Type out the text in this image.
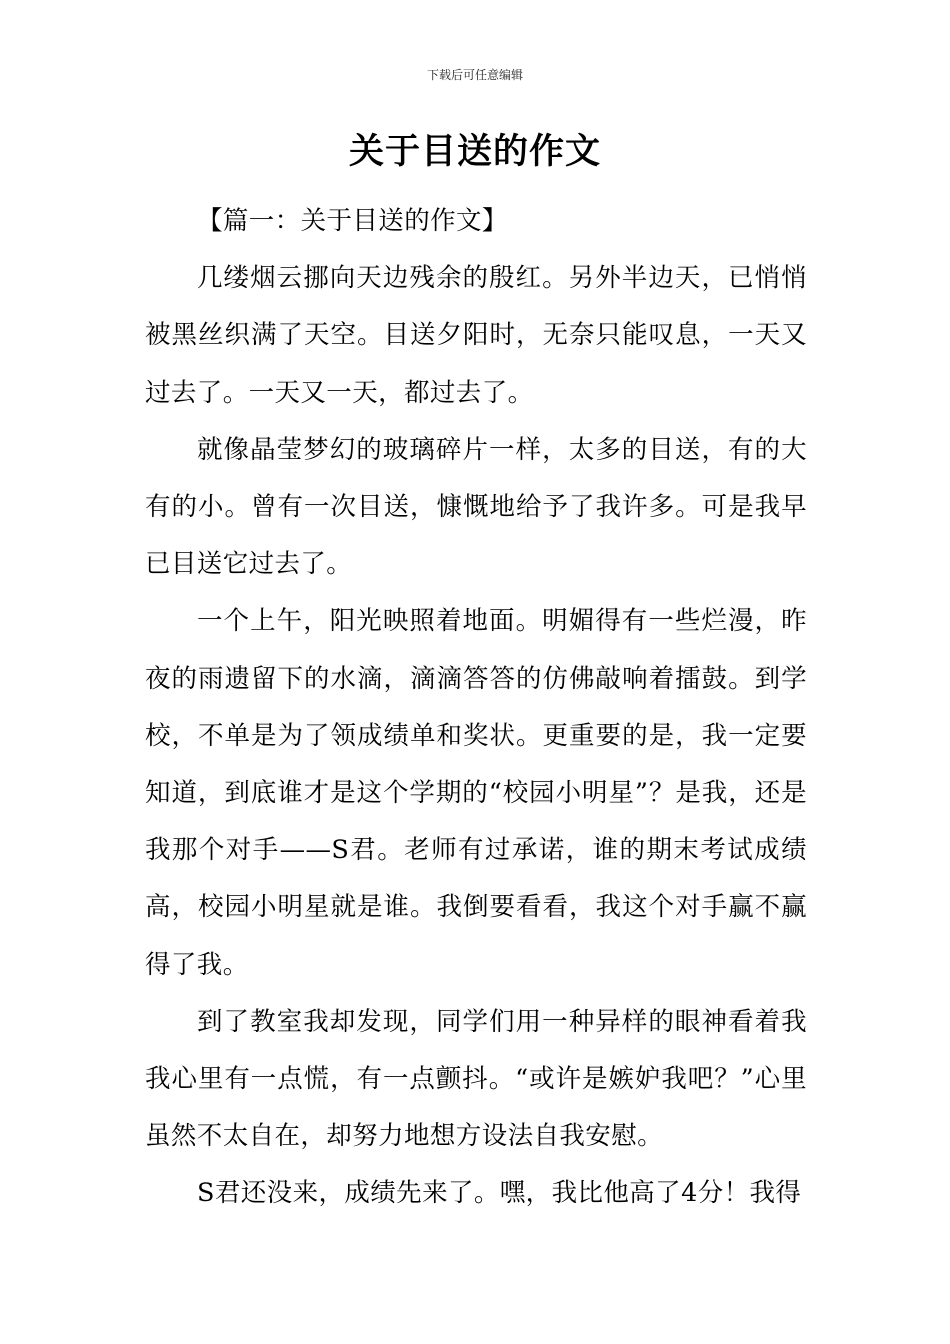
下载后可任意编辑
关于目送的作文

【篇一：关于目送的作文】

几缕烟云挪向天边残余的殷红。另外半边天，已悄悄被黑丝织满了天空。目送夕阳时，无奈只能叹息，一天又过去了。一天又一天，都过去了。

就像晶莹梦幻的玻璃碎片一样，太多的目送，有的大有的小。曾有一次目送，慷慨地给予了我许多。可是我早已目送它过去了。

一个上午，阳光映照着地面。明媚得有一些烂漫，昨夜的雨遗留下的水滴，滴滴答答的仿佛敲响着擂鼓。到学校，不单是为了领成绩单和奖状。更重要的是，我一定要知道，到底谁才是这个学期的“校园小明星”？是我，还是我那个对手——S君。老师有过承诺，谁的期末考试成绩高，校园小明星就是谁。我倒要看看，我这个对手赢不赢得了我。

到了教室我却发现，同学们用一种异样的眼神看着我我心里有一点慌，有一点颤抖。“或许是嫉妒我吧？”心里虽然不太自在，却努力地想方设法自我安慰。

S君还没来，成绩先来了。嘿，我比他高了4分！我得
